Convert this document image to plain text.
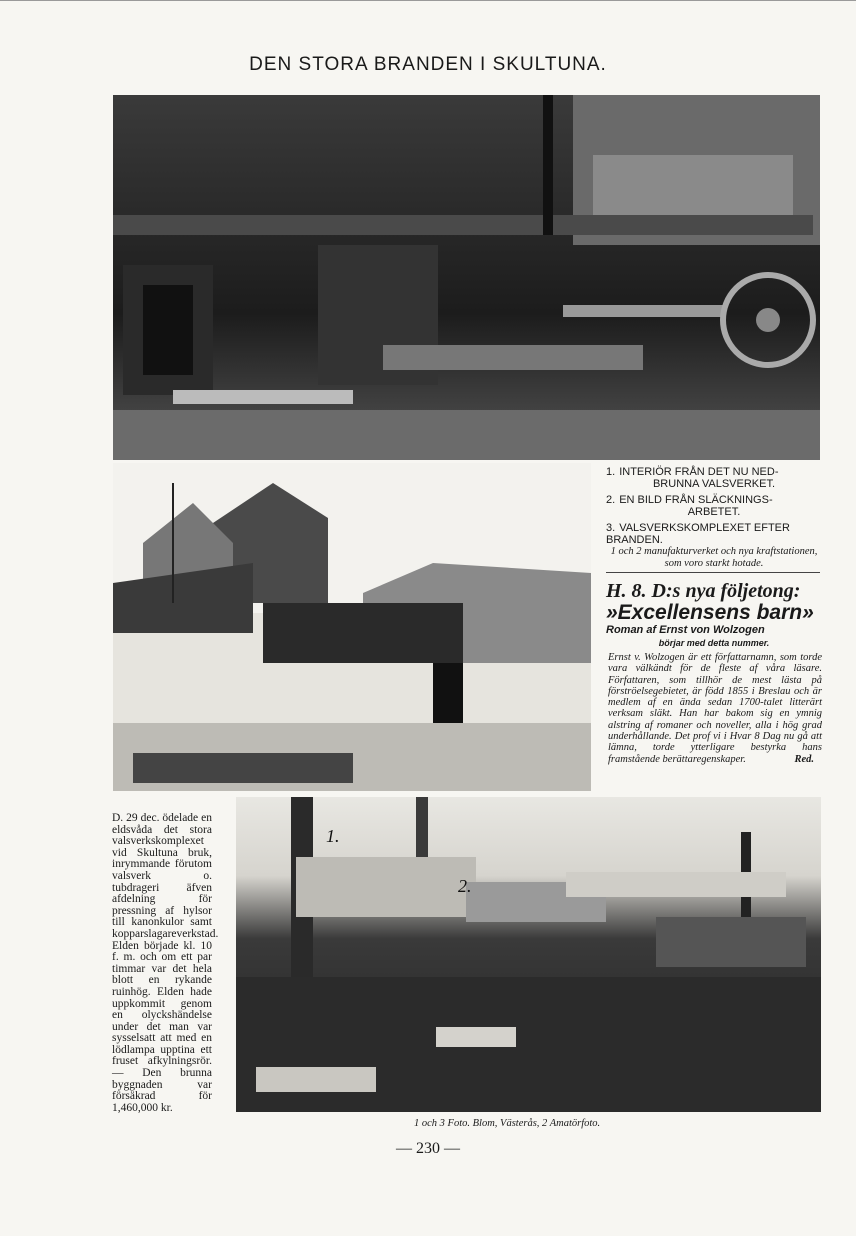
DEN STORA BRANDEN I SKULTUNA.
1. INTERIÖR FRÅN DET NU NED-
BRUNNA VALSVERKET.
2. EN BILD FRÅN SLÄCKNINGS-
ARBETET.
3. VALSVERKSKOMPLEXET EFTER
BRANDEN.
1 och 2 manufakturverket och nya kraftstationen, som voro starkt hotade.
H. 8. D:s nya följetong:
»Excellensens barn»
Roman af Ernst von Wolzogen
börjar med detta nummer.
Ernst v. Wolzogen är ett författarnamn, som torde vara välkändt för de fleste af våra läsare. Författaren, som tillhör de mest lästa på förströelsegebietet, är född 1855 i Breslau och är medlem af en ända sedan 1700-talet litterärt verksam släkt. Han har bakom sig en ymnig alstring af romaner och noveller, alla i hög grad underhållande. Det prof vi i Hvar 8 Dag nu gå att lämna, torde ytterligare bestyrka hans framstående berättaregenskaper.	Red.
D. 29 dec. ödelade en eldsvåda det stora valsverkskomplexet vid Skultuna bruk, inrymmande förutom valsverk o. tubdrageri äfven afdelning för pressning af hylsor till kanonkulor samt kopparslagareverkstad. Elden började kl. 10 f. m. och om ett par timmar var det hela blott en rykande ruinhög. Elden hade uppkommit genom en olyckshändelse under det man var sysselsatt att med en lödlampa upptina ett fruset afkylningsrör. — Den brunna byggnaden var försäkrad för 1,460,000 kr.
1.
2.
1 och 3 Foto. Blom, Västerås, 2 Amatörfoto.
— 230 —
